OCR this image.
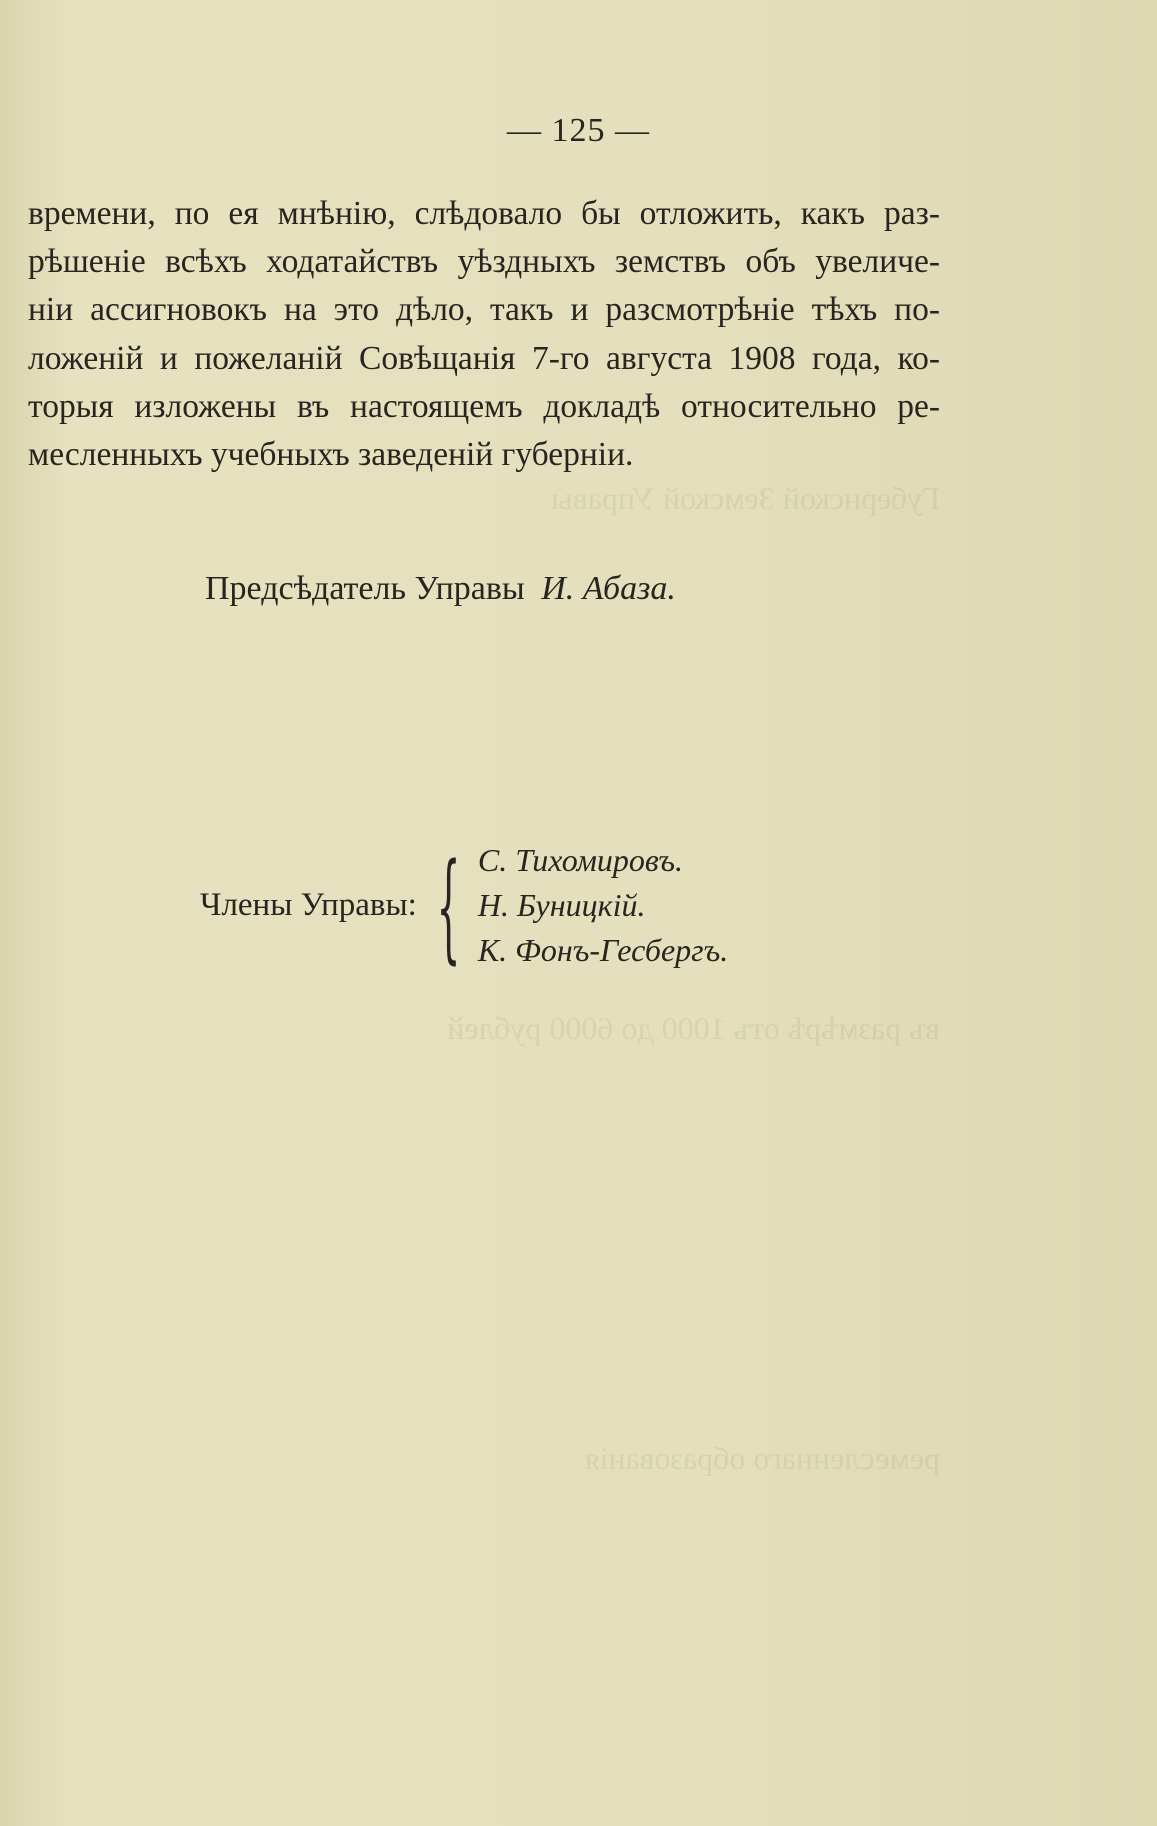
Губернской Земской Управы
въ размѣрѣ отъ 1000 до 6000 рублей
ремесленнаго образованія
— 125 —

времени, по ея мнѣнію, слѣдовало бы отложить, какъ раз-
рѣшеніе всѣхъ ходатайствъ уѣздныхъ земствъ объ увеличе-
ніи ассигновокъ на это дѣло, такъ и разсмотрѣніе тѣхъ по-
ложеній и пожеланій Совѣщанія 7-го августа 1908 года, ко-
торыя изложены въ настоящемъ докладѣ относительно ре-
месленныхъ учебныхъ заведеній губерніи.

Предсѣдатель Управы И. Абаза.
Члены Управы: { С. Тихомировъ.
Н. Буницкій.
К. Фонъ-Гесбергъ.
